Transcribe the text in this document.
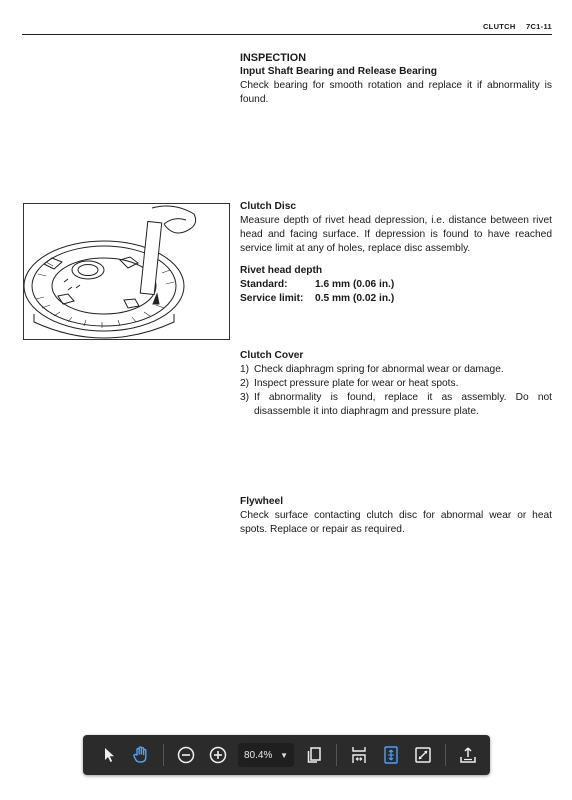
CLUTCH 7C1-11

INSPECTION

Input Shaft Bearing and Release Bearing

Check bearing for smooth rotation and replace it if abnormality is found.

Clutch Disc

Measure depth of rivet head depression, i.e. distance between rivet head and facing surface. If depression is found to have reached service limit at any of holes, replace disc assembly.

Rivet head depth

Standard:	1.6 mm (0.06 in.)
Service limit:	0.5 mm (0.02 in.)

Clutch Cover

1) Check diaphragm spring for abnormal wear or damage.
2) Inspect pressure plate for wear or heat spots.
3) If abnormality is found, replace it as assembly. Do not disassemble it into diaphragm and pressure plate.

Flywheel

Check surface contacting clutch disc for abnormal wear or heat spots. Replace or repair as required.

80.4% ▼
